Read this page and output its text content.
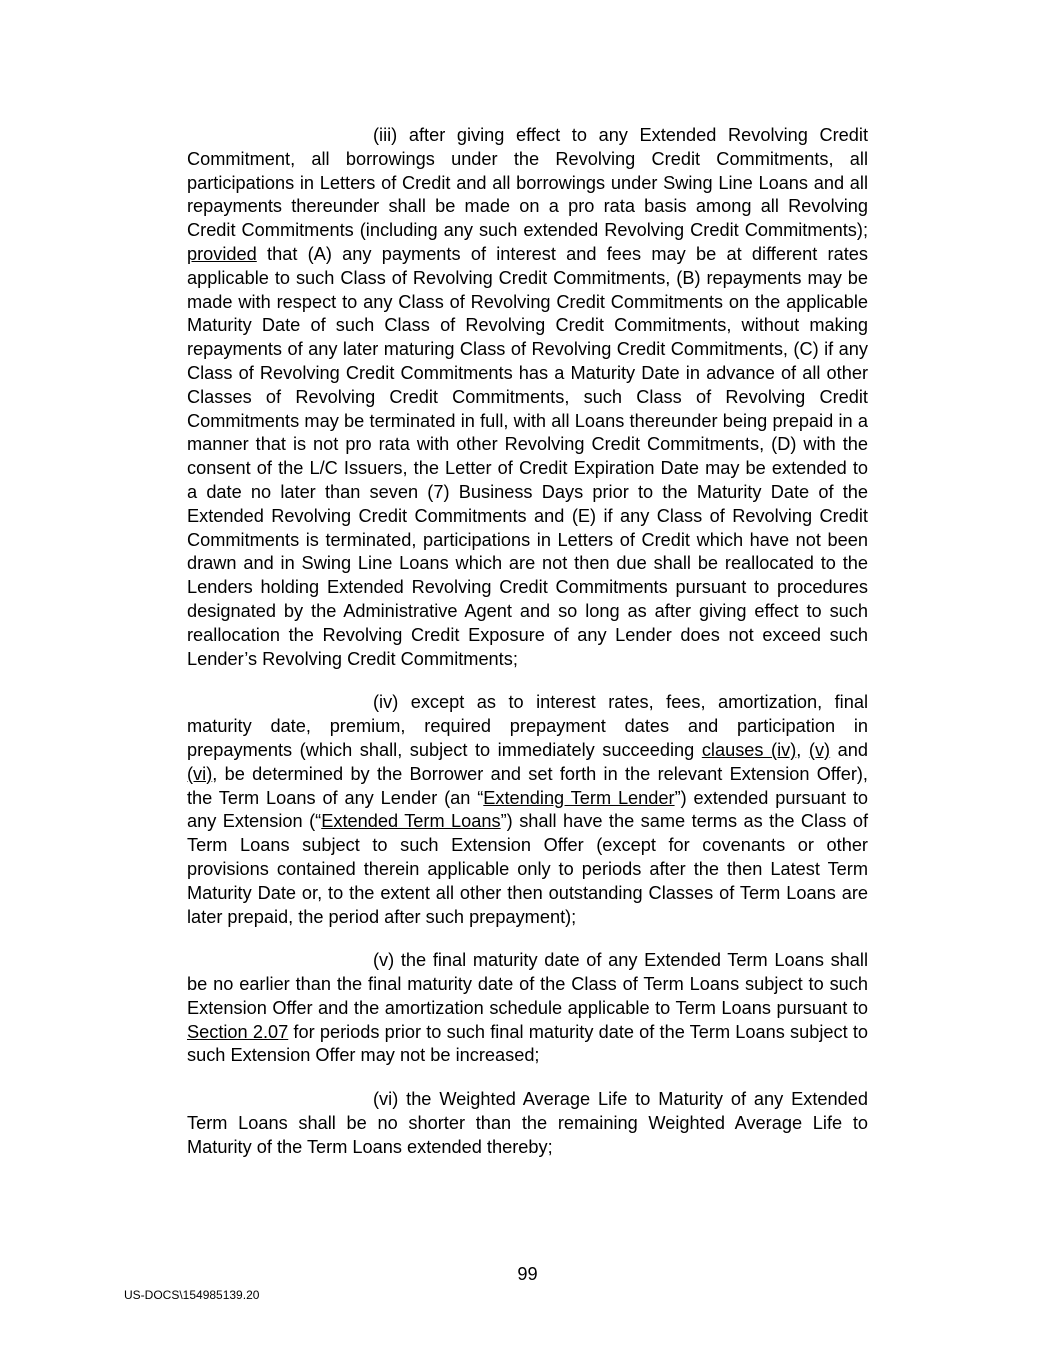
(iii) after giving effect to any Extended Revolving Credit Commitment, all borrowings under the Revolving Credit Commitments, all participations in Letters of Credit and all borrowings under Swing Line Loans and all repayments thereunder shall be made on a pro rata basis among all Revolving Credit Commitments (including any such extended Revolving Credit Commitments); provided that (A) any payments of interest and fees may be at different rates applicable to such Class of Revolving Credit Commitments, (B) repayments may be made with respect to any Class of Revolving Credit Commitments on the applicable Maturity Date of such Class of Revolving Credit Commitments, without making repayments of any later maturing Class of Revolving Credit Commitments, (C) if any Class of Revolving Credit Commitments has a Maturity Date in advance of all other Classes of Revolving Credit Commitments, such Class of Revolving Credit Commitments may be terminated in full, with all Loans thereunder being prepaid in a manner that is not pro rata with other Revolving Credit Commitments, (D) with the consent of the L/C Issuers, the Letter of Credit Expiration Date may be extended to a date no later than seven (7) Business Days prior to the Maturity Date of the Extended Revolving Credit Commitments and (E) if any Class of Revolving Credit Commitments is terminated, participations in Letters of Credit which have not been drawn and in Swing Line Loans which are not then due shall be reallocated to the Lenders holding Extended Revolving Credit Commitments pursuant to procedures designated by the Administrative Agent and so long as after giving effect to such reallocation the Revolving Credit Exposure of any Lender does not exceed such Lender’s Revolving Credit Commitments;

(iv) except as to interest rates, fees, amortization, final maturity date, premium, required prepayment dates and participation in prepayments (which shall, subject to immediately succeeding clauses (iv), (v) and (vi), be determined by the Borrower and set forth in the relevant Extension Offer), the Term Loans of any Lender (an “Extending Term Lender”) extended pursuant to any Extension (“Extended Term Loans”) shall have the same terms as the Class of Term Loans subject to such Extension Offer (except for covenants or other provisions contained therein applicable only to periods after the then Latest Term Maturity Date or, to the extent all other then outstanding Classes of Term Loans are later prepaid, the period after such prepayment);

(v) the final maturity date of any Extended Term Loans shall be no earlier than the final maturity date of the Class of Term Loans subject to such Extension Offer and the amortization schedule applicable to Term Loans pursuant to Section 2.07 for periods prior to such final maturity date of the Term Loans subject to such Extension Offer may not be increased;

(vi) the Weighted Average Life to Maturity of any Extended Term Loans shall be no shorter than the remaining Weighted Average Life to Maturity of the Term Loans extended thereby;

99
US-DOCS\154985139.20
